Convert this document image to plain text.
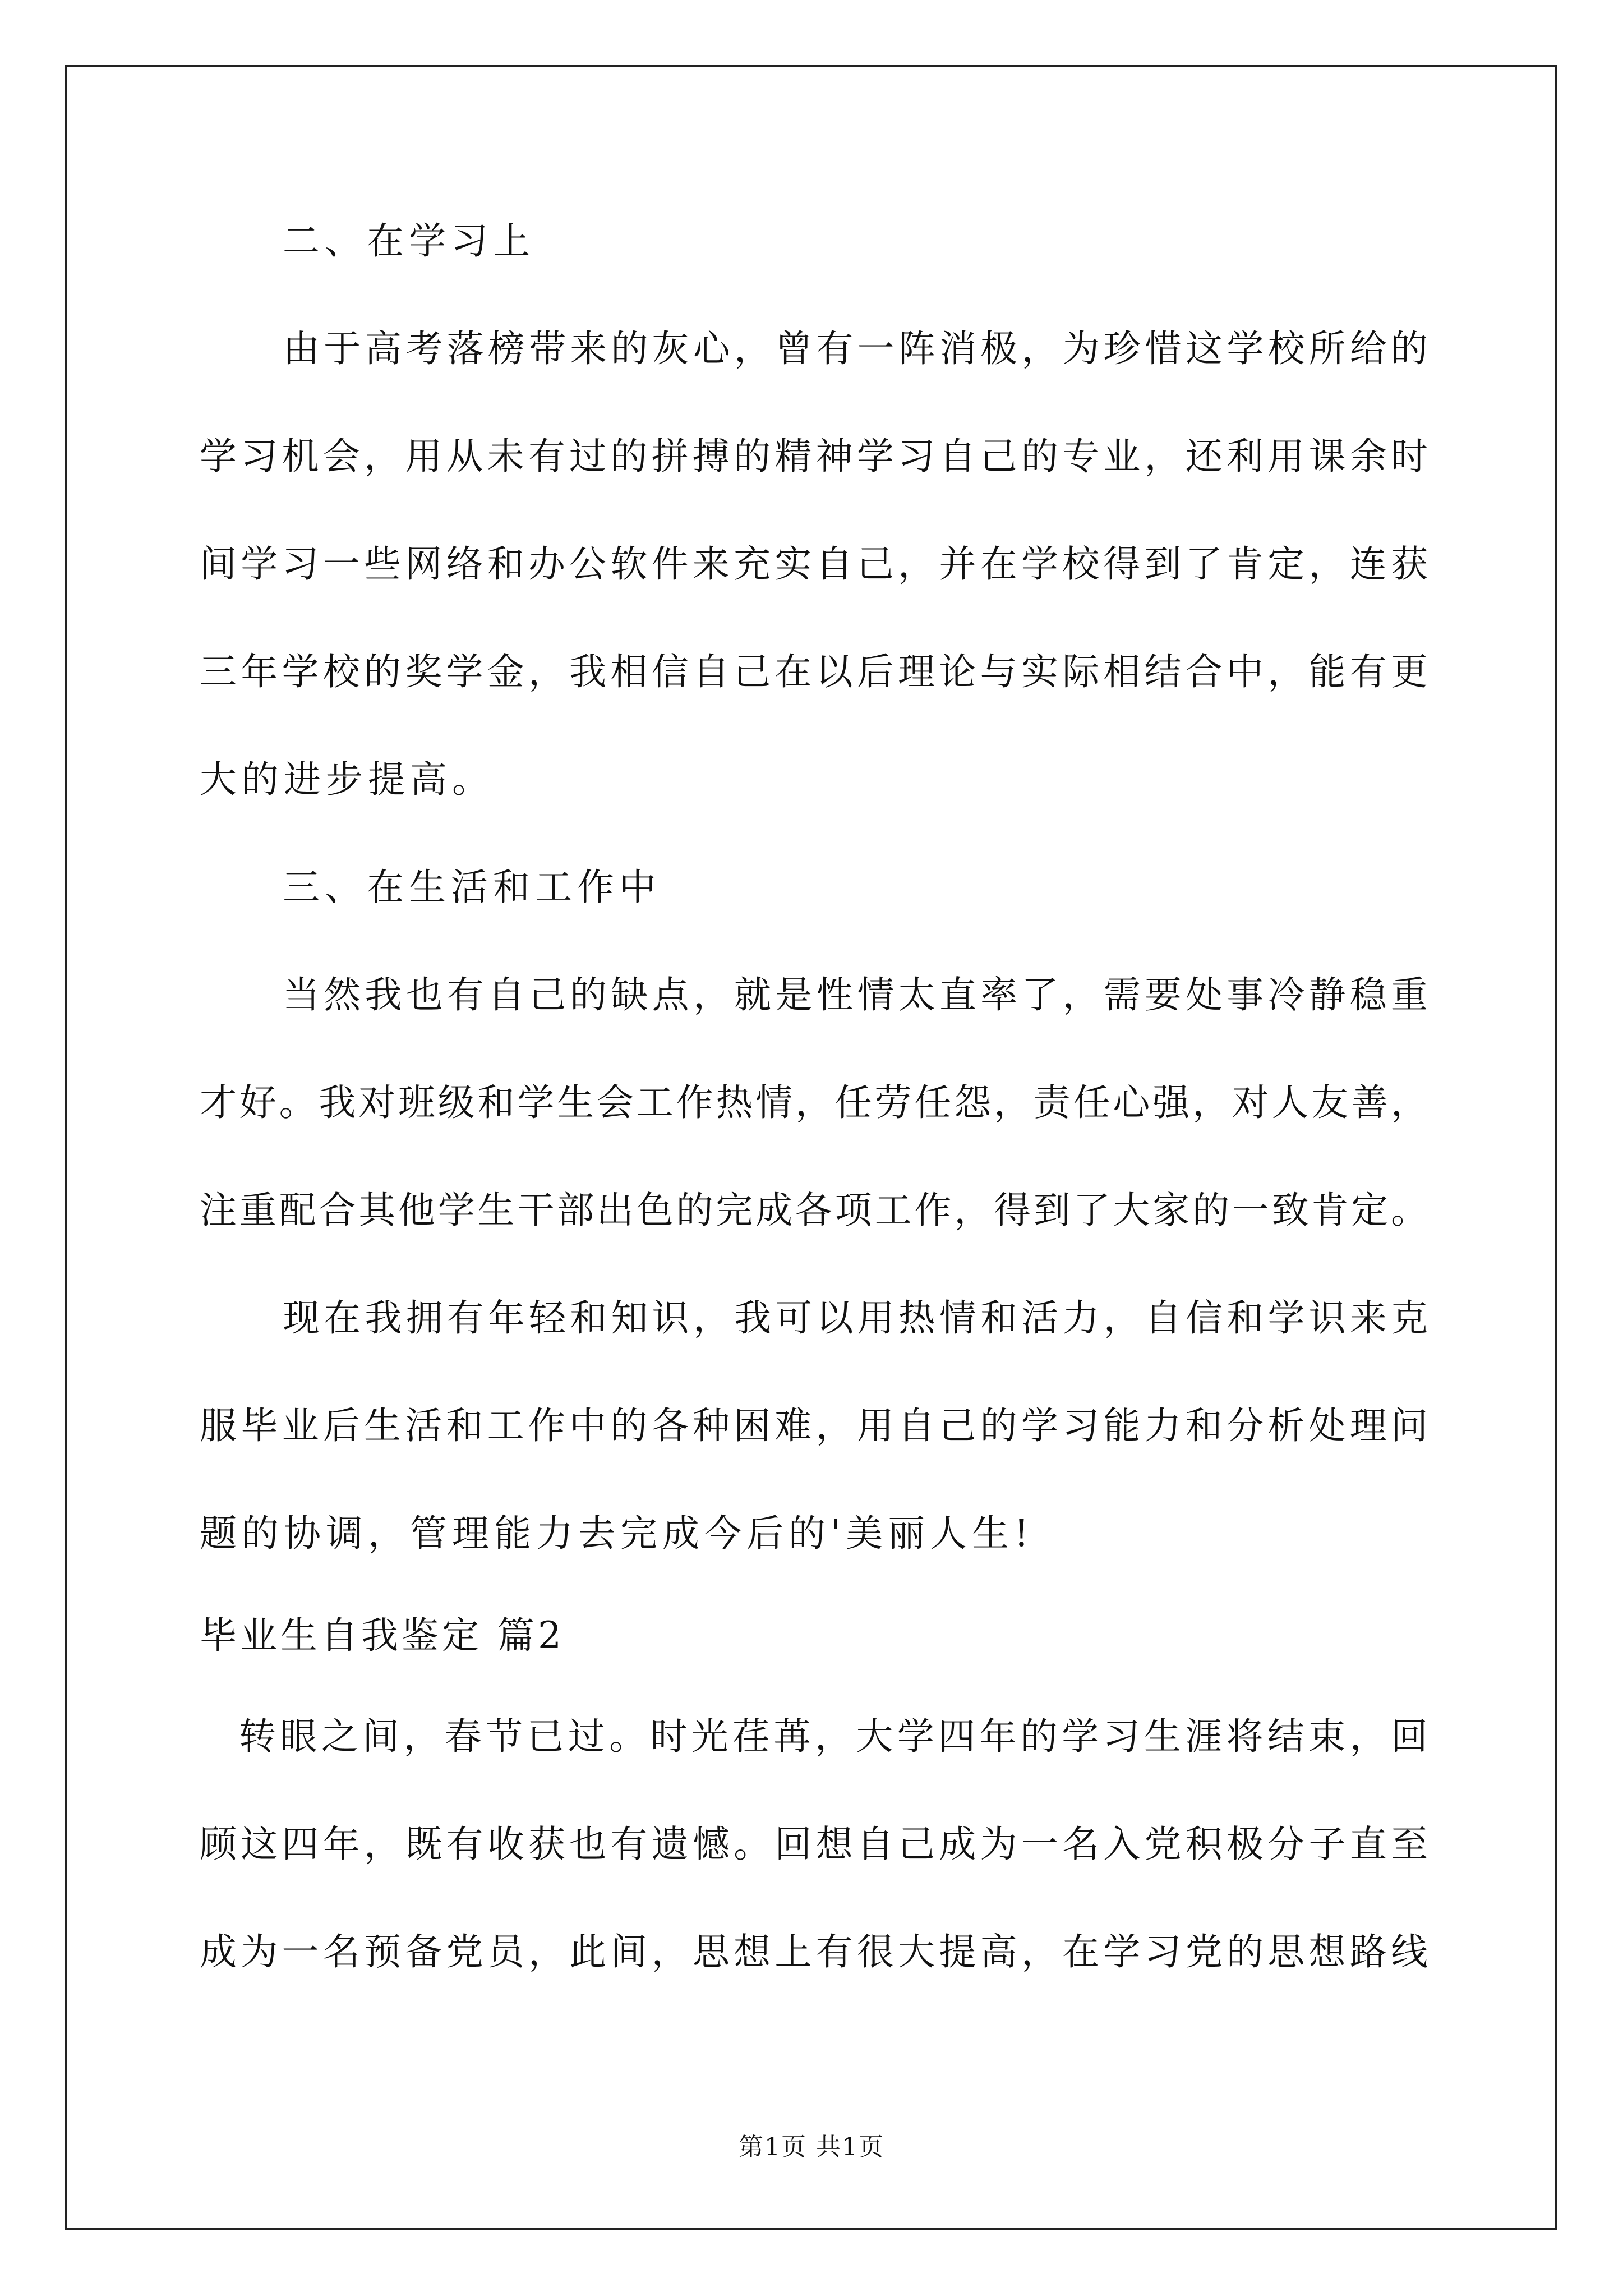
二、在学习上
由于高考落榜带来的灰心，曾有一阵消极，为珍惜这学校所给的
学习机会，用从未有过的拼搏的精神学习自己的专业，还利用课余时
间学习一些网络和办公软件来充实自己，并在学校得到了肯定，连获
三年学校的奖学金，我相信自己在以后理论与实际相结合中，能有更
大的进步提高。
三、在生活和工作中
当然我也有自己的缺点，就是性情太直率了，需要处事冷静稳重
才好。我对班级和学生会工作热情，任劳任怨，责任心强，对人友善，
注重配合其他学生干部出色的完成各项工作，得到了大家的一致肯定。
现在我拥有年轻和知识，我可以用热情和活力，自信和学识来克
服毕业后生活和工作中的各种困难，用自己的学习能力和分析处理问
题的协调，管理能力去完成今后的'美丽人生!
毕业生自我鉴定 篇2
转眼之间，春节已过。时光荏苒，大学四年的学习生涯将结束，回
顾这四年，既有收获也有遗憾。回想自己成为一名入党积极分子直至
成为一名预备党员，此间，思想上有很大提高，在学习党的思想路线
第1页 共1页
